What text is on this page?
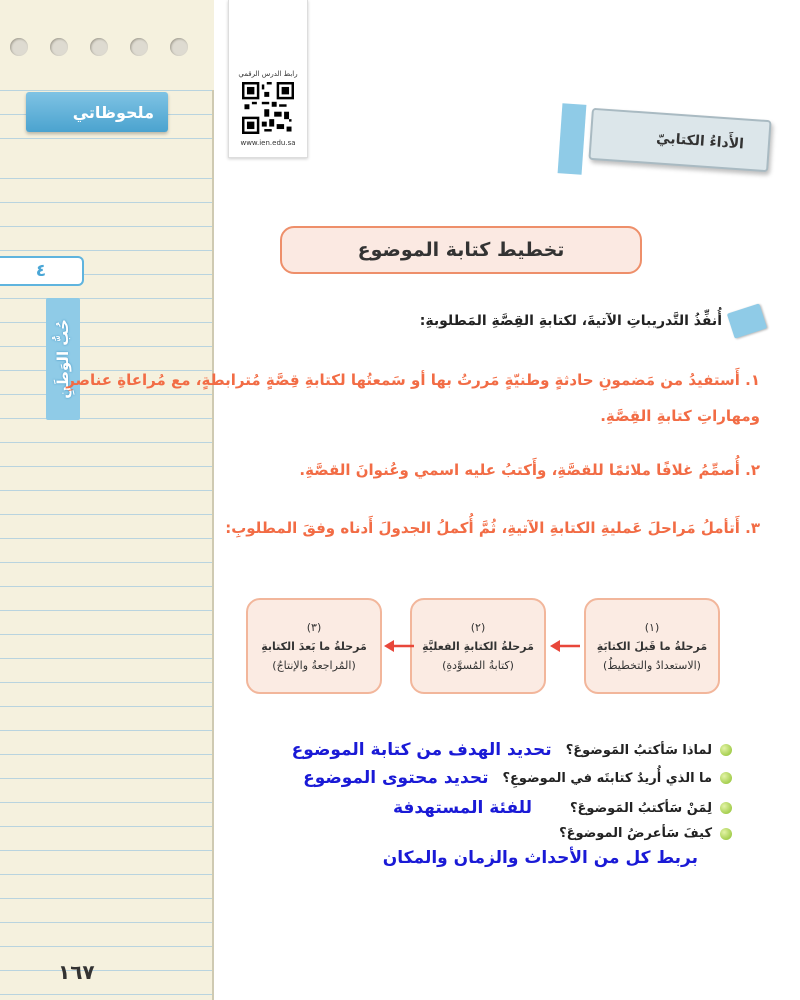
ملحوظاتي
٤
حُبُّ الوَطَنِ
١٦٧
رابط الدرس الرقمي
www.ien.edu.sa	الأَداءُ الكتابيّ
تخطيط كتابة الموضوع
أُنفِّذُ التَّدريباتِ الآتيةَ، لكتابةِ القِصَّةِ المَطلوبةِ:
١. أَستفيدُ من مَضمونِ حادثةٍ وطنيّةٍ مَررتُ بها أو سَمعتُها لكتابةِ قِصَّةٍ مُترابطةٍ، مع مُراعاةِ عناصرِ ومهاراتِ كتابةِ القِصَّةِ.
٢. أُصمِّمُ غلافًا ملائمًا للقصَّةِ، وأَكتبُ عليه اسمي وعُنوانَ القصَّةِ.
٣. أَتأملُ مَراحلَ عَمليةِ الكتابةِ الآتيةِ، ثُمَّ أُكملُ الجدولَ أَدناه وفقَ المطلوبِ:
(١)
مَرحلةُ ما قَبلَ الكتابَةِ
(الاستعدادُ والتخطيطُ)
(٢)
مَرحلةُ الكتابةِ الفعليَّةِ
(كتابةُ المُسوَّدةِ)
(٣)
مَرحلةُ ما بَعدَ الكتابةِ
(المُراجعةُ والإنتاجُ)
لماذا سَأكتبُ المَوضوعَ؟
تحديد الهدف من كتابة الموضوع
ما الذي أُريدُ كتابتَه في الموضوعِ؟
تحديد محتوى الموضوع
لِمَنْ سَأكتبُ المَوضوعَ؟
للفئة المستهدفة
كيفَ سَأعرضُ الموضوعَ؟
بربط كل من الأحداث والزمان والمكان
